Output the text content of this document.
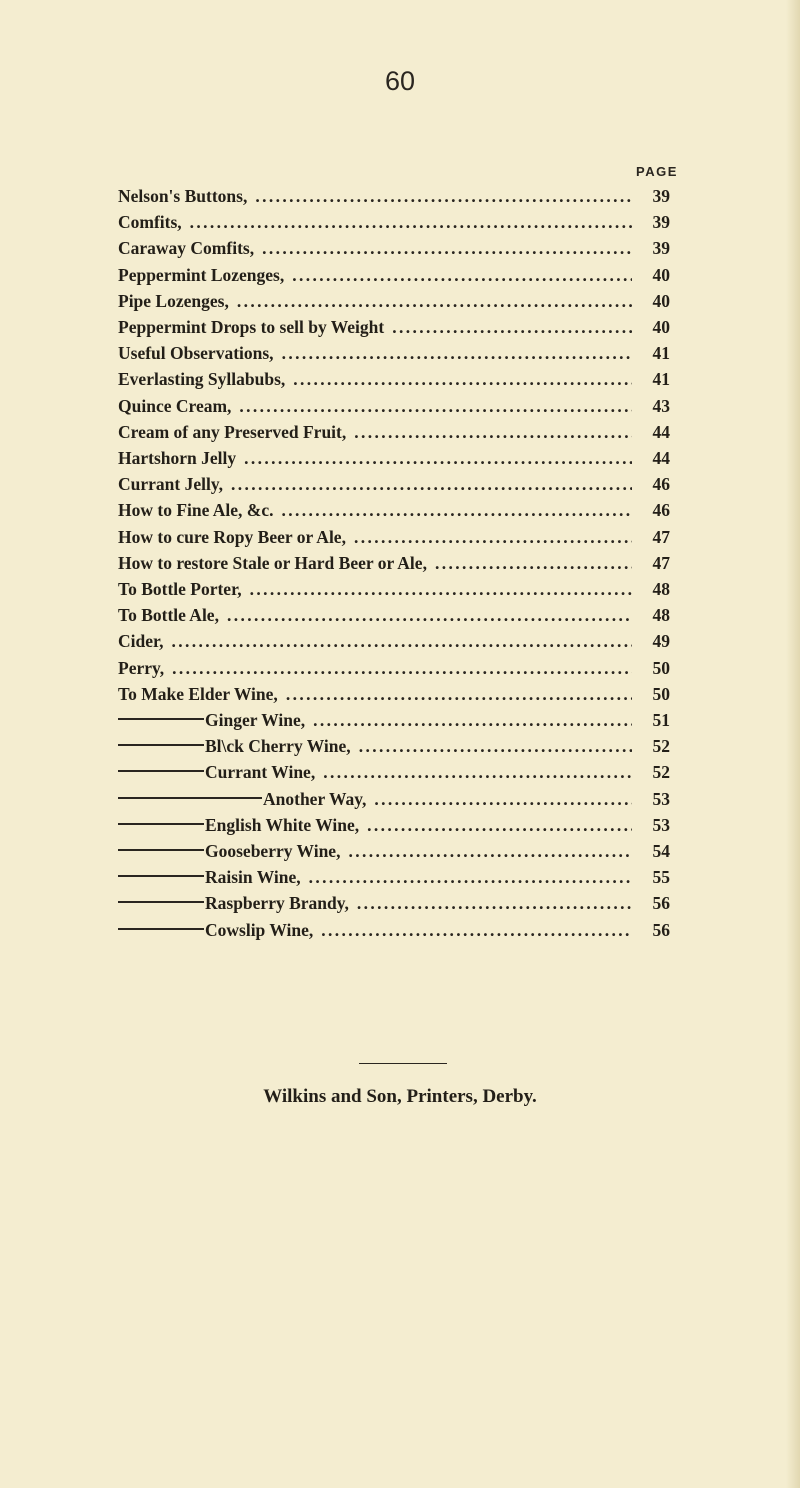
60
PAGE
Nelson's Buttons, . . .	39
Comfits, . . .	39
Caraway Comfits, . . .	39
Peppermint Lozenges, . . .	40
Pipe Lozenges, . . .	40
Peppermint Drops to sell by Weight . . .	40
Useful Observations, . . .	41
Everlasting Syllabubs, . . .	41
Quince Cream, . . .	43
Cream of any Preserved Fruit, . . .	44
Hartshorn Jelly . . .	44
Currant Jelly, . . .	46
How to Fine Ale, &c. . . .	46
How to cure Ropy Beer or Ale, . . .	47
How to restore Stale or Hard Beer or Ale, . . .	47
To Bottle Porter, . . .	48
To Bottle Ale, . . .	48
Cider, . . .	49
Perry, . . .	50
To Make Elder Wine, . . .	50
Ginger Wine, . . .	51
Bl\ck Cherry Wine, . . .	52
Currant Wine, . . .	52
Another Way, . . .	53
English White Wine, . . .	53
Gooseberry Wine, . . .	54
Raisin Wine, . . .	55
Raspberry Brandy, . . .	56
Cowslip Wine, . . .	56
Wilkins and Son, Printers, Derby.
